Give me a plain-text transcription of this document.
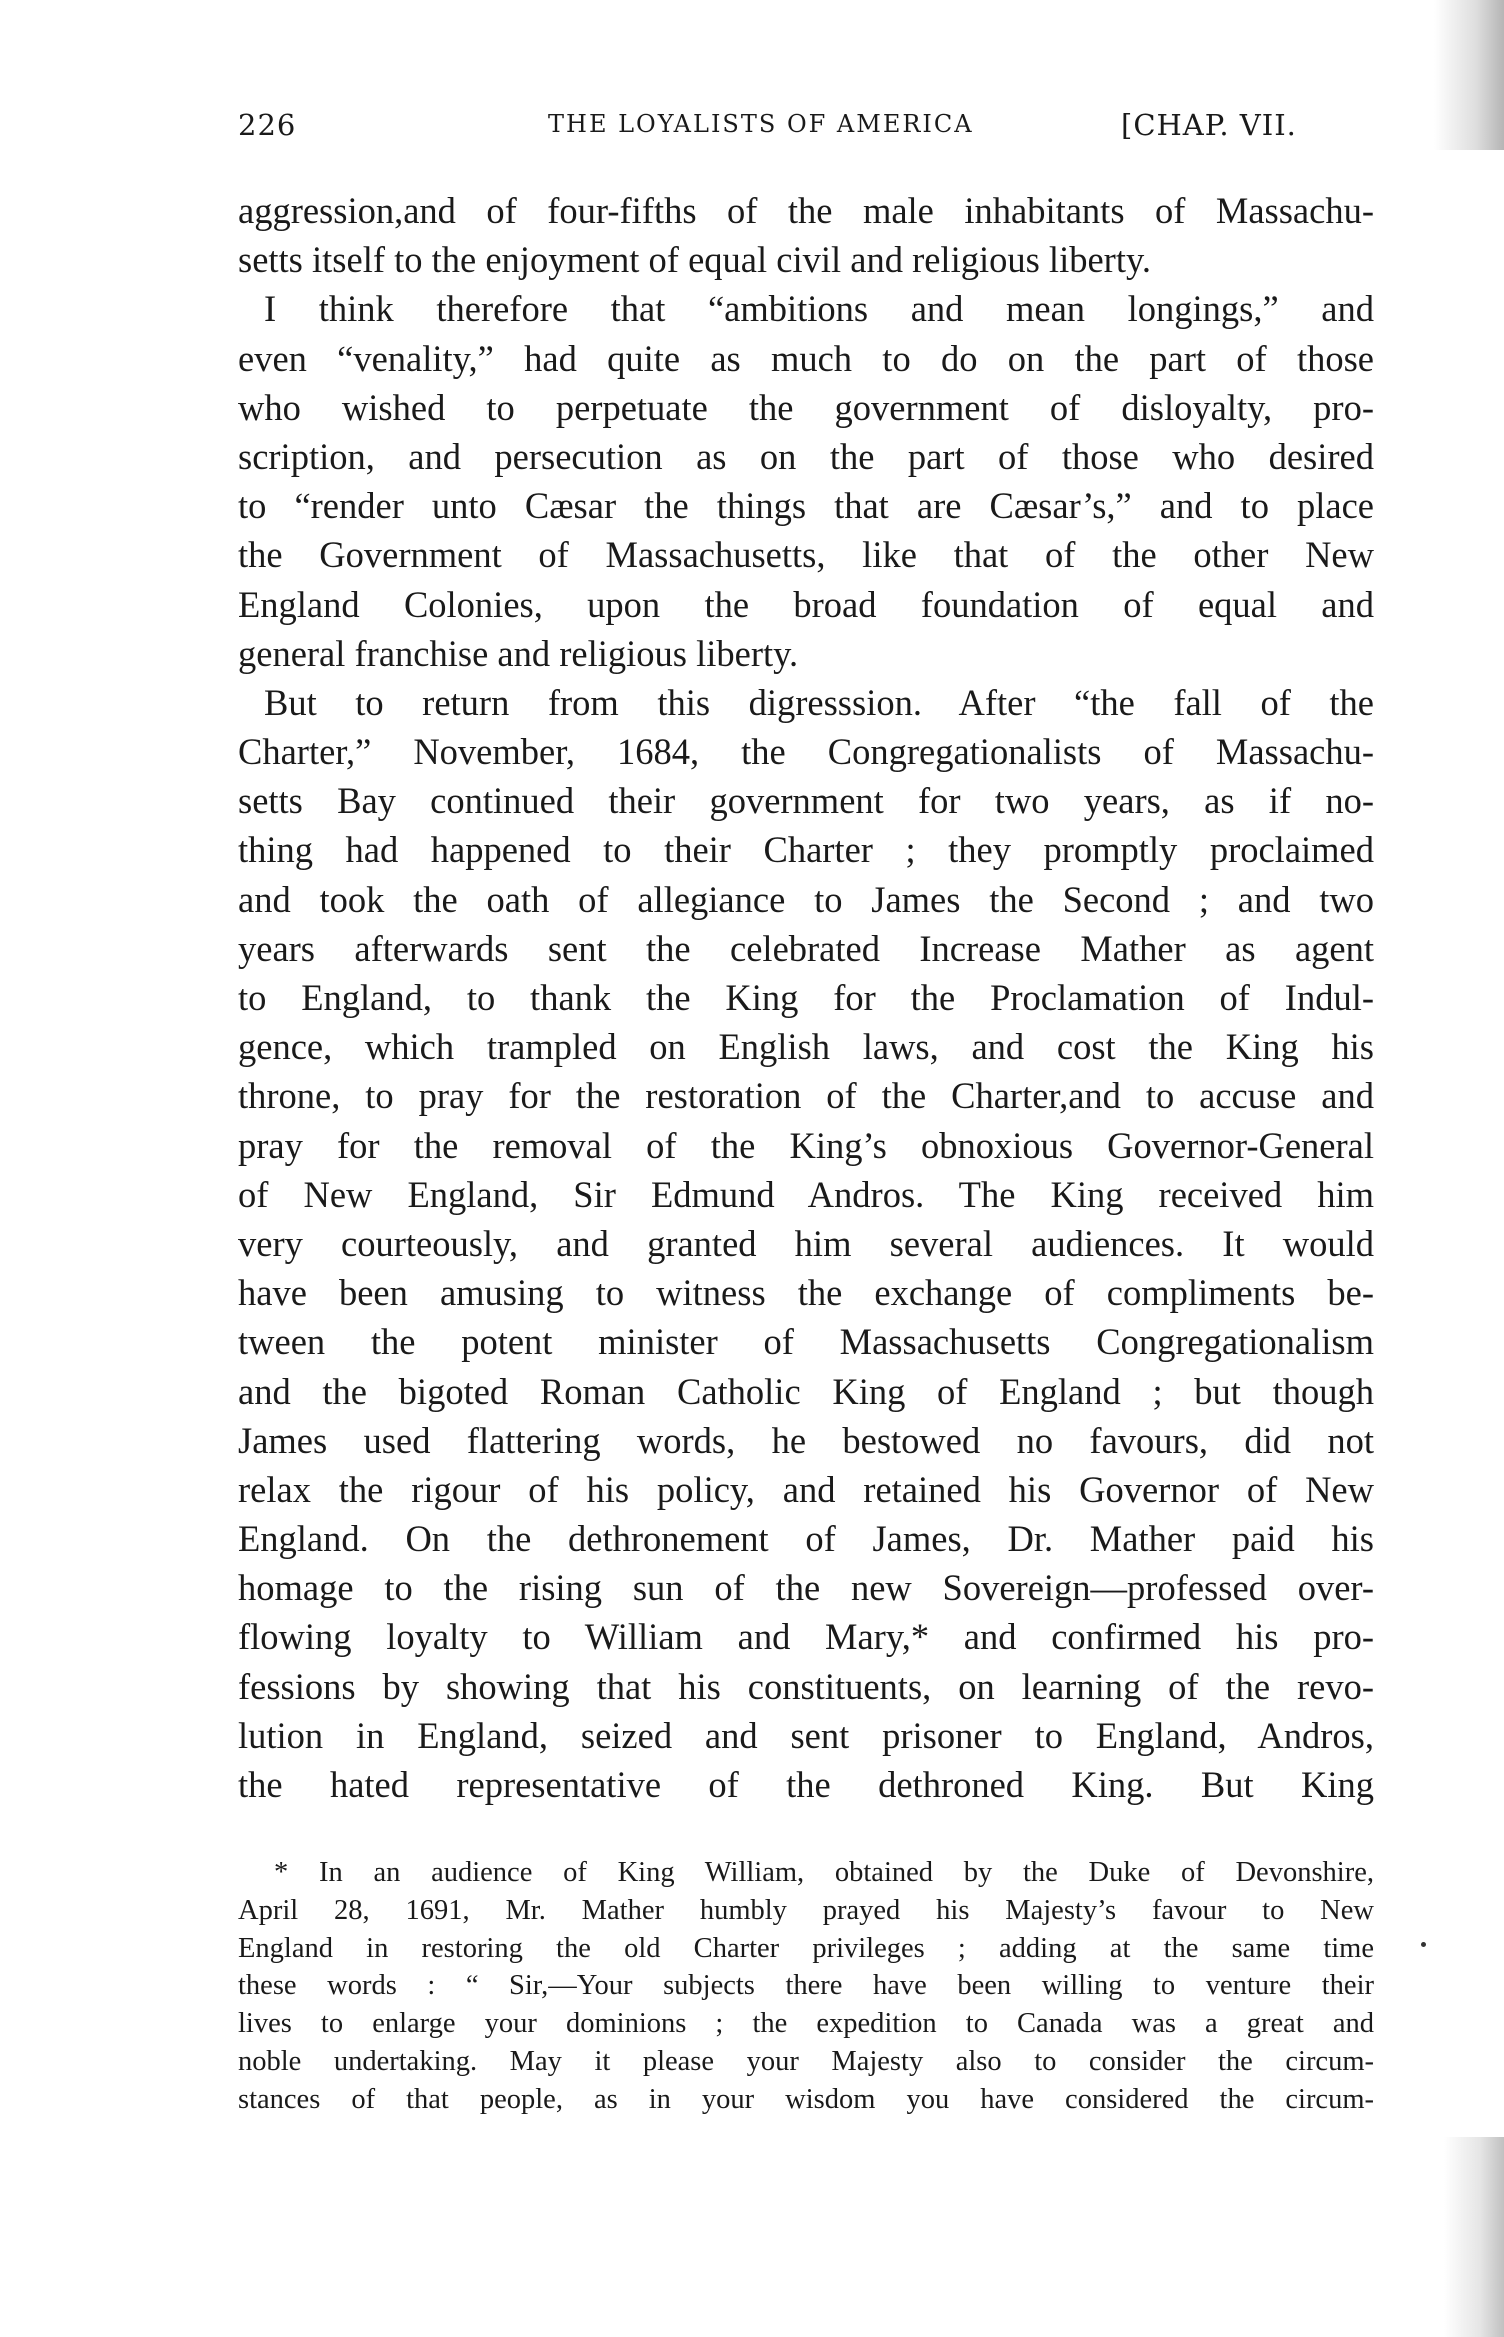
226	THE LOYALISTS OF AMERICA	[CHAP. VII.
aggression,and of four-fifths of the male inhabitants of Massachu-
setts itself to the enjoyment of equal civil and religious liberty.
I think therefore that “ambitions and mean longings,” and
even “venality,” had quite as much to do on the part of those
who wished to perpetuate the government of disloyalty, pro-
scription, and persecution as on the part of those who desired
to “render unto Cæsar the things that are Cæsar’s,” and to place
the Government of Massachusetts, like that of the other New
England Colonies, upon the broad foundation of equal and
general franchise and religious liberty.
But to return from this digresssion. After “the fall of the
Charter,” November, 1684, the Congregationalists of Massachu-
setts Bay continued their government for two years, as if no-
thing had happened to their Charter ; they promptly proclaimed
and took the oath of allegiance to James the Second ; and two
years afterwards sent the celebrated Increase Mather as agent
to England, to thank the King for the Proclamation of Indul-
gence, which trampled on English laws, and cost the King his
throne, to pray for the restoration of the Charter,and to accuse and
pray for the removal of the King’s obnoxious Governor-General
of New England, Sir Edmund Andros. The King received him
very courteously, and granted him several audiences. It would
have been amusing to witness the exchange of compliments be-
tween the potent minister of Massachusetts Congregationalism
and the bigoted Roman Catholic King of England ; but though
James used flattering words, he bestowed no favours, did not
relax the rigour of his policy, and retained his Governor of New
England. On the dethronement of James, Dr. Mather paid his
homage to the rising sun of the new Sovereign—professed over-
flowing loyalty to William and Mary,* and confirmed his pro-
fessions by showing that his constituents, on learning of the revo-
lution in England, seized and sent prisoner to England, Andros,
the hated representative of the dethroned King. But King
* In an audience of King William, obtained by the Duke of Devonshire,
April 28, 1691, Mr. Mather humbly prayed his Majesty’s favour to New
England in restoring the old Charter privileges ; adding at the same time
these words : “ Sir,—Your subjects there have been willing to venture their
lives to enlarge your dominions ; the expedition to Canada was a great and
noble undertaking. May it please your Majesty also to consider the circum-
stances of that people, as in your wisdom you have considered the circum-
